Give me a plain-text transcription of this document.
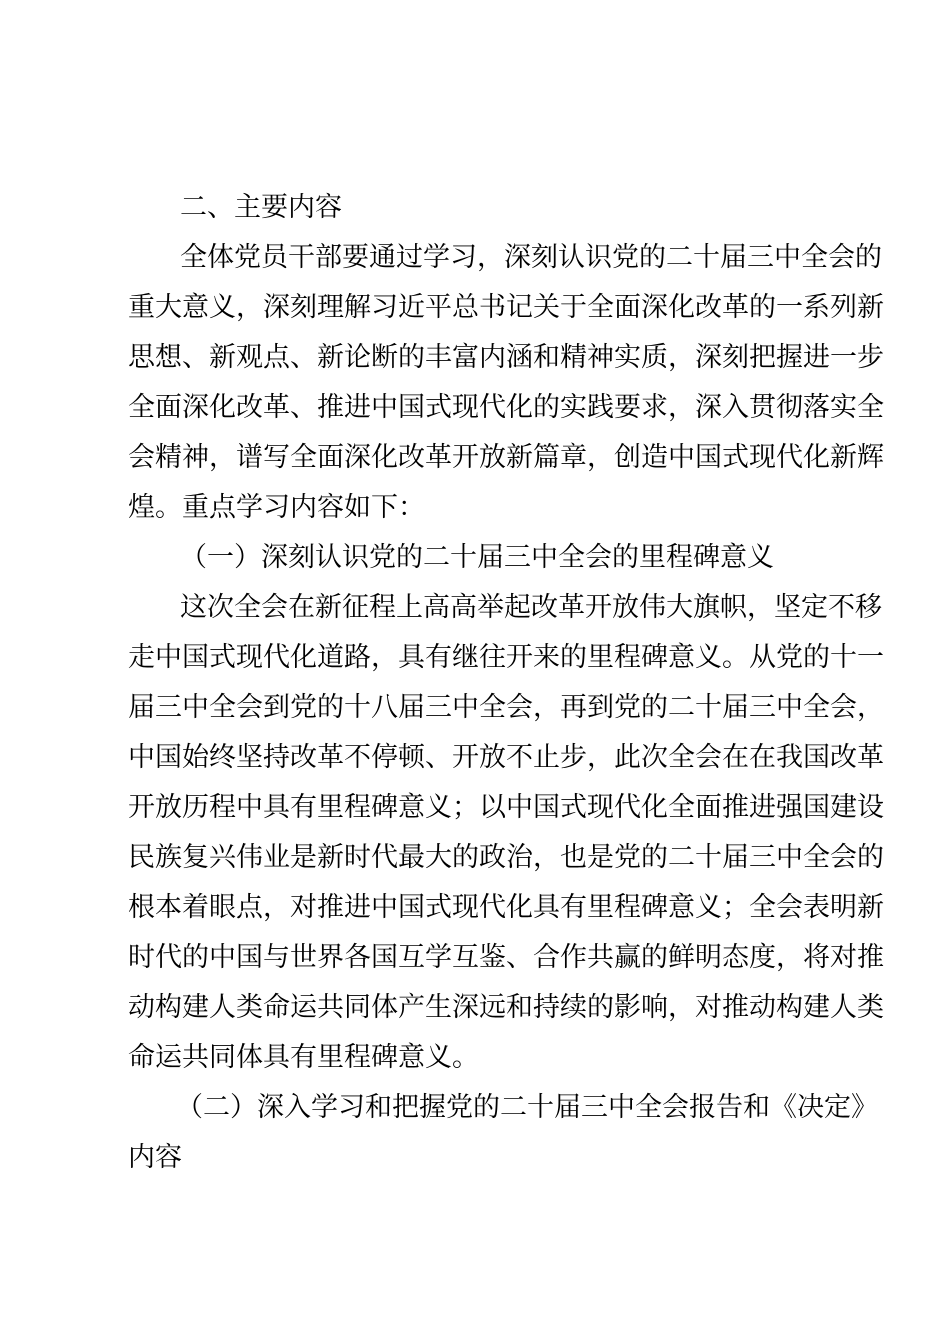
二、主要内容
全体党员干部要通过学习，深刻认识党的二十届三中全会的
重大意义，深刻理解习近平总书记关于全面深化改革的一系列新
思想、新观点、新论断的丰富内涵和精神实质，深刻把握进一步
全面深化改革、推进中国式现代化的实践要求，深入贯彻落实全
会精神，谱写全面深化改革开放新篇章，创造中国式现代化新辉
煌。重点学习内容如下：
（一）深刻认识党的二十届三中全会的里程碑意义
这次全会在新征程上高高举起改革开放伟大旗帜，坚定不移
走中国式现代化道路，具有继往开来的里程碑意义。从党的十一
届三中全会到党的十八届三中全会，再到党的二十届三中全会，
中国始终坚持改革不停顿、开放不止步，此次全会在在我国改革
开放历程中具有里程碑意义；以中国式现代化全面推进强国建设
民族复兴伟业是新时代最大的政治，也是党的二十届三中全会的
根本着眼点，对推进中国式现代化具有里程碑意义；全会表明新
时代的中国与世界各国互学互鉴、合作共赢的鲜明态度，将对推
动构建人类命运共同体产生深远和持续的影响，对推动构建人类
命运共同体具有里程碑意义。
（二）深入学习和把握党的二十届三中全会报告和《决定》
内容
